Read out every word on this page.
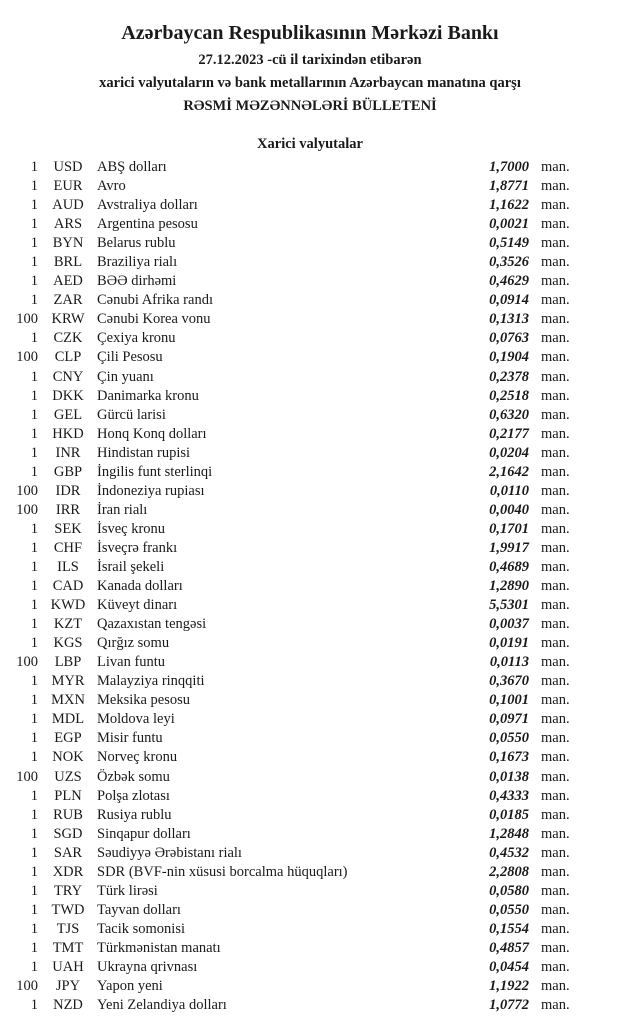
Azərbaycan Respublikasının Mərkəzi Bankı
27.12.2023 -cü il tarixindən etibarən
xarici valyutaların və bank metallarının Azərbaycan manatına qarşı
RƏSMİ MƏZƏNNƏLƏRİ BÜLLETENİ
Xarici valyutalar
1	USD	ABŞ dolları	1,7000 man.
1	EUR	Avro	1,8771 man.
1 AUD Avstraliya dolları	1,1622 man.
1	ARS	Argentina pesosu	0,0021 man.
1	BYN Belarus rublu	0,5149 man.
1	BRL	Braziliya rialı	0,3526 man.
1	AED BƏƏ dirhəmi	0,4629 man.
1	ZAR	Cənubi Afrika randı	0,0914 man.
100 KRW Cənubi Korea vonu	0,1313 man.
1	CZK	Çexiya kronu	0,0763 man.
100	CLP	Çili Pesosu	0,1904 man.
1	CNY Çin yuanı	0,2378 man.
1 DKK Danimarka kronu	0,2518 man.
1	GEL	Gürcü larisi	0,6320 man.
1 HKD Honq Konq dolları	0,2177 man.
1	INR	Hindistan rupisi	0,0204 man.
1	GBP	İngilis funt sterlinqi	2,1642 man.
100	IDR	İndoneziya rupiası	0,0110 man.
100	IRR	İran rialı	0,0040 man.
1	SEK	İsveç kronu	0,1701 man.
1	CHF	İsveçrə frankı	1,9917 man.
1	ILS	İsrail şekeli	0,4689 man.
1	CAD Kanada dolları	1,2890 man.
1 KWD Küveyt dinarı	5,5301 man.
1	KZT	Qazaxıstan tengəsi	0,0037 man.
1	KGS	Qırğız somu	0,0191 man.
100	LBP	Livan funtu	0,0113 man.
1 MYR Malayziya rinqqiti	0,3670 man.
1 MXN Meksika pesosu	0,1001 man.
1 MDL Moldova leyi	0,0971 man.
1	EGP	Misir funtu	0,0550 man.
1 NOK Norveç kronu	0,1673 man.
100	UZS	Özbək somu	0,0138 man.
1	PLN	Polşa zlotası	0,4333 man.
1	RUB Rusiya rublu	0,0185 man.
1	SGD	Sinqapur dolları	1,2848 man.
1	SAR	Səudiyyə Ərəbistanı rialı	0,4532 man.
1	XDR SDR (BVF-nin xüsusi borcalma hüquqları)	2,2808 man.
1	TRY	Türk lirəsi	0,0580 man.
1 TWD Tayvan dolları	0,0550 man.
1	TJS	Tacik somonisi	0,1554 man.
1	TMT Türkmənistan manatı	0,4857 man.
1 UAH Ukrayna qrivnası	0,0454 man.
100	JPY	Yapon yeni	1,1922 man.
1	NZD Yeni Zelandiya dolları	1,0772 man.
